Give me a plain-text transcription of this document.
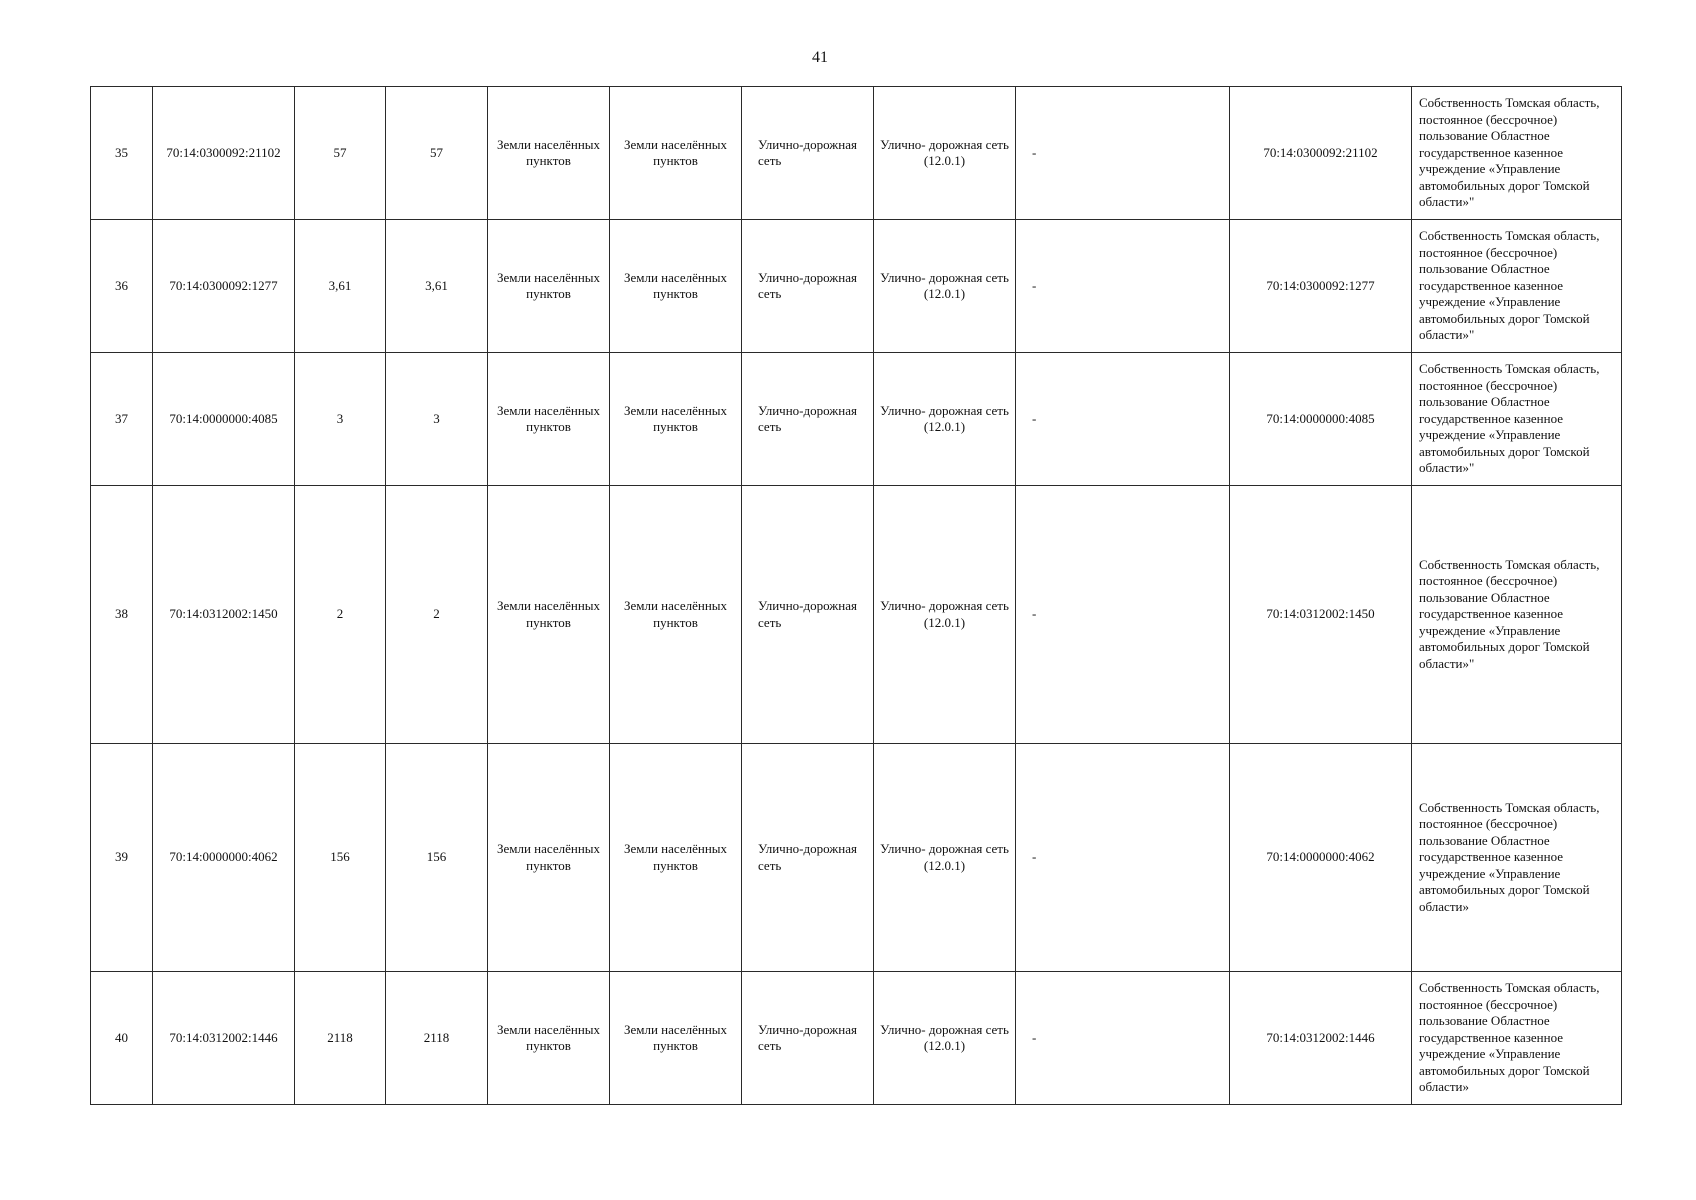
41
35	70:14:0300092:21102	57	57	Земли населённых пунктов	Земли населённых пунктов	Улично-дорожная сеть	Улично- дорожная сеть (12.0.1)	-	70:14:0300092:21102	Собственность Томская область, постоянное (бессрочное) пользование Областное государственное казенное учреждение «Управление автомобильных дорог Томской области»"
36	70:14:0300092:1277	3,61	3,61	Земли населённых пунктов	Земли населённых пунктов	Улично-дорожная сеть	Улично- дорожная сеть (12.0.1)	-	70:14:0300092:1277	Собственность Томская область, постоянное (бессрочное) пользование Областное государственное казенное учреждение «Управление автомобильных дорог Томской области»"
37	70:14:0000000:4085	3	3	Земли населённых пунктов	Земли населённых пунктов	Улично-дорожная сеть	Улично- дорожная сеть (12.0.1)	-	70:14:0000000:4085	Собственность Томская область, постоянное (бессрочное) пользование Областное государственное казенное учреждение «Управление автомобильных дорог Томской области»"
38	70:14:0312002:1450	2	2	Земли населённых пунктов	Земли населённых пунктов	Улично-дорожная сеть	Улично- дорожная сеть (12.0.1)	-	70:14:0312002:1450	Собственность Томская область, постоянное (бессрочное) пользование Областное государственное казенное учреждение «Управление автомобильных дорог Томской области»"
39	70:14:0000000:4062	156	156	Земли населённых пунктов	Земли населённых пунктов	Улично-дорожная сеть	Улично- дорожная сеть (12.0.1)	-	70:14:0000000:4062	Собственность Томская область, постоянное (бессрочное) пользование Областное государственное казенное учреждение «Управление автомобильных дорог Томской области»
40	70:14:0312002:1446	2118	2118	Земли населённых пунктов	Земли населённых пунктов	Улично-дорожная сеть	Улично- дорожная сеть (12.0.1)	-	70:14:0312002:1446	Собственность Томская область, постоянное (бессрочное) пользование Областное государственное казенное учреждение «Управление автомобильных дорог Томской области»
